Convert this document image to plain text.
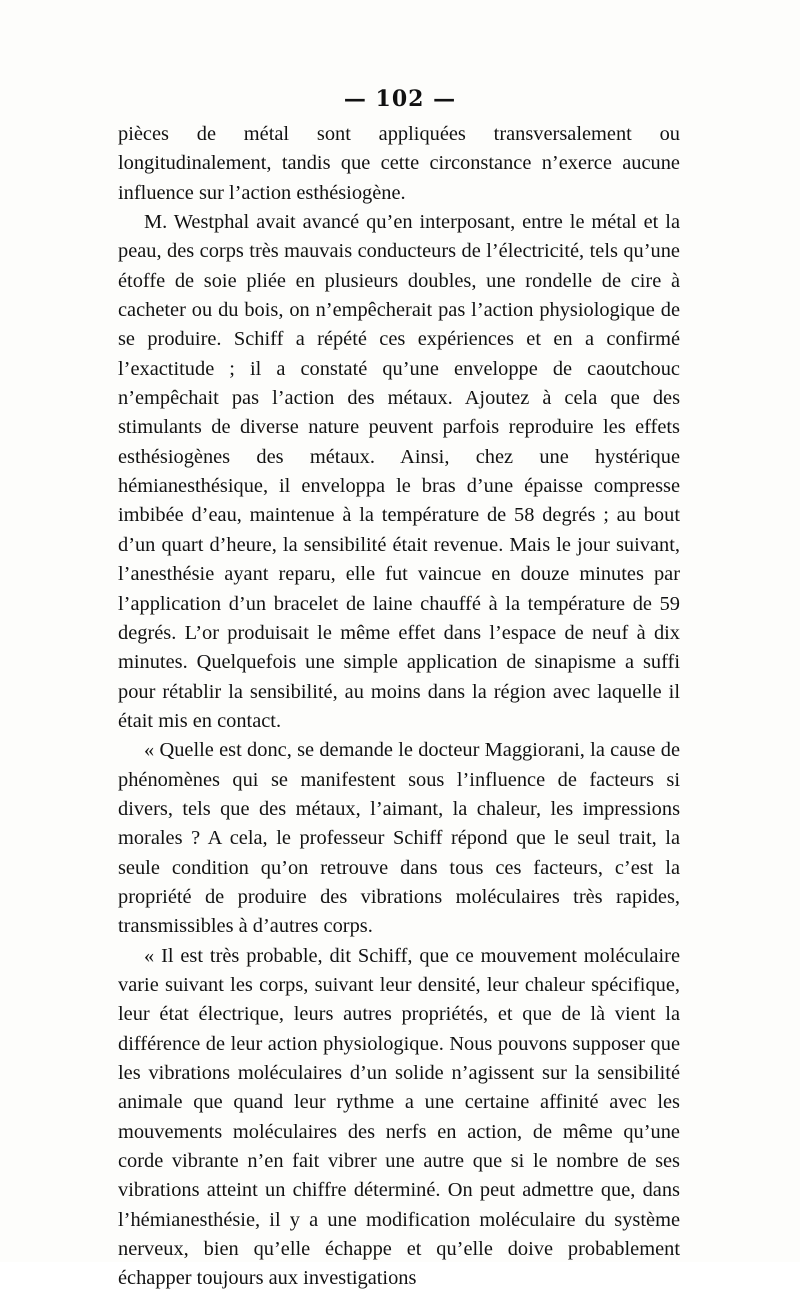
— 102 —

pièces de métal sont appliquées transversalement ou longitudinalement, tandis que cette circonstance n’exerce aucune influence sur l’action esthésiogène.

M. Westphal avait avancé qu’en interposant, entre le métal et la peau, des corps très mauvais conducteurs de l’électricité, tels qu’une étoffe de soie pliée en plusieurs doubles, une rondelle de cire à cacheter ou du bois, on n’empêcherait pas l’action physiologique de se produire. Schiff a répété ces expériences et en a confirmé l’exactitude ; il a constaté qu’une enveloppe de caoutchouc n’empêchait pas l’action des métaux. Ajoutez à cela que des stimulants de diverse nature peuvent parfois reproduire les effets esthésiogènes des métaux. Ainsi, chez une hystérique hémianesthésique, il enveloppa le bras d’une épaisse compresse imbibée d’eau, maintenue à la température de 58 degrés ; au bout d’un quart d’heure, la sensibilité était revenue. Mais le jour suivant, l’anesthésie ayant reparu, elle fut vaincue en douze minutes par l’application d’un bracelet de laine chauffé à la température de 59 degrés. L’or produisait le même effet dans l’espace de neuf à dix minutes. Quelquefois une simple application de sinapisme a suffi pour rétablir la sensibilité, au moins dans la région avec laquelle il était mis en contact.

« Quelle est donc, se demande le docteur Maggiorani, la cause de phénomènes qui se manifestent sous l’influence de facteurs si divers, tels que des métaux, l’aimant, la chaleur, les impressions morales ? A cela, le professeur Schiff répond que le seul trait, la seule condition qu’on retrouve dans tous ces facteurs, c’est la propriété de produire des vibrations moléculaires très rapides, transmissibles à d’autres corps.

« Il est très probable, dit Schiff, que ce mouvement moléculaire varie suivant les corps, suivant leur densité, leur chaleur spécifique, leur état électrique, leurs autres propriétés, et que de là vient la différence de leur action physiologique. Nous pouvons supposer que les vibrations moléculaires d’un solide n’agissent sur la sensibilité animale que quand leur rythme a une certaine affinité avec les mouvements moléculaires des nerfs en action, de même qu’une corde vibrante n’en fait vibrer une autre que si le nombre de ses vibrations atteint un chiffre déterminé. On peut admettre que, dans l’hémianesthésie, il y a une modification moléculaire du système nerveux, bien qu’elle échappe et qu’elle doive probablement échapper toujours aux investigations
